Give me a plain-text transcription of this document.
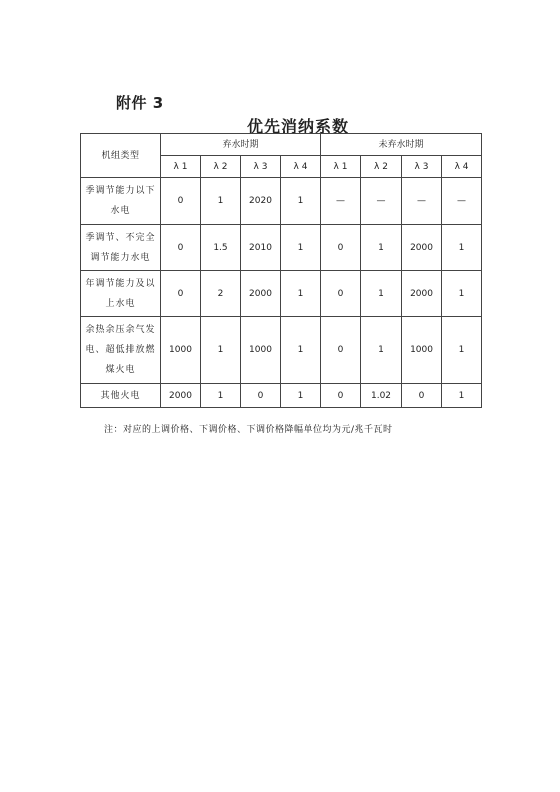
附件 3
优先消纳系数
机组类型	弃水时期				未弃水时期			
	λ 1	λ 2	λ 3	λ 4	λ 1	λ 2	λ 3	λ 4
季调节能力以下水电	0	1	2020	1	—	—	—	—
季调节、不完全调节能力水电	0	1.5	2010	1	0	1	2000	1
年调节能力及以上水电	0	2	2000	1	0	1	2000	1
余热余压余气发电、超低排放燃煤火电	1000	1	1000	1	0	1	1000	1
其他火电	2000	1	0	1	0	1.02	0	1
注：对应的上调价格、下调价格、下调价格降幅单位均为元/兆千瓦时
